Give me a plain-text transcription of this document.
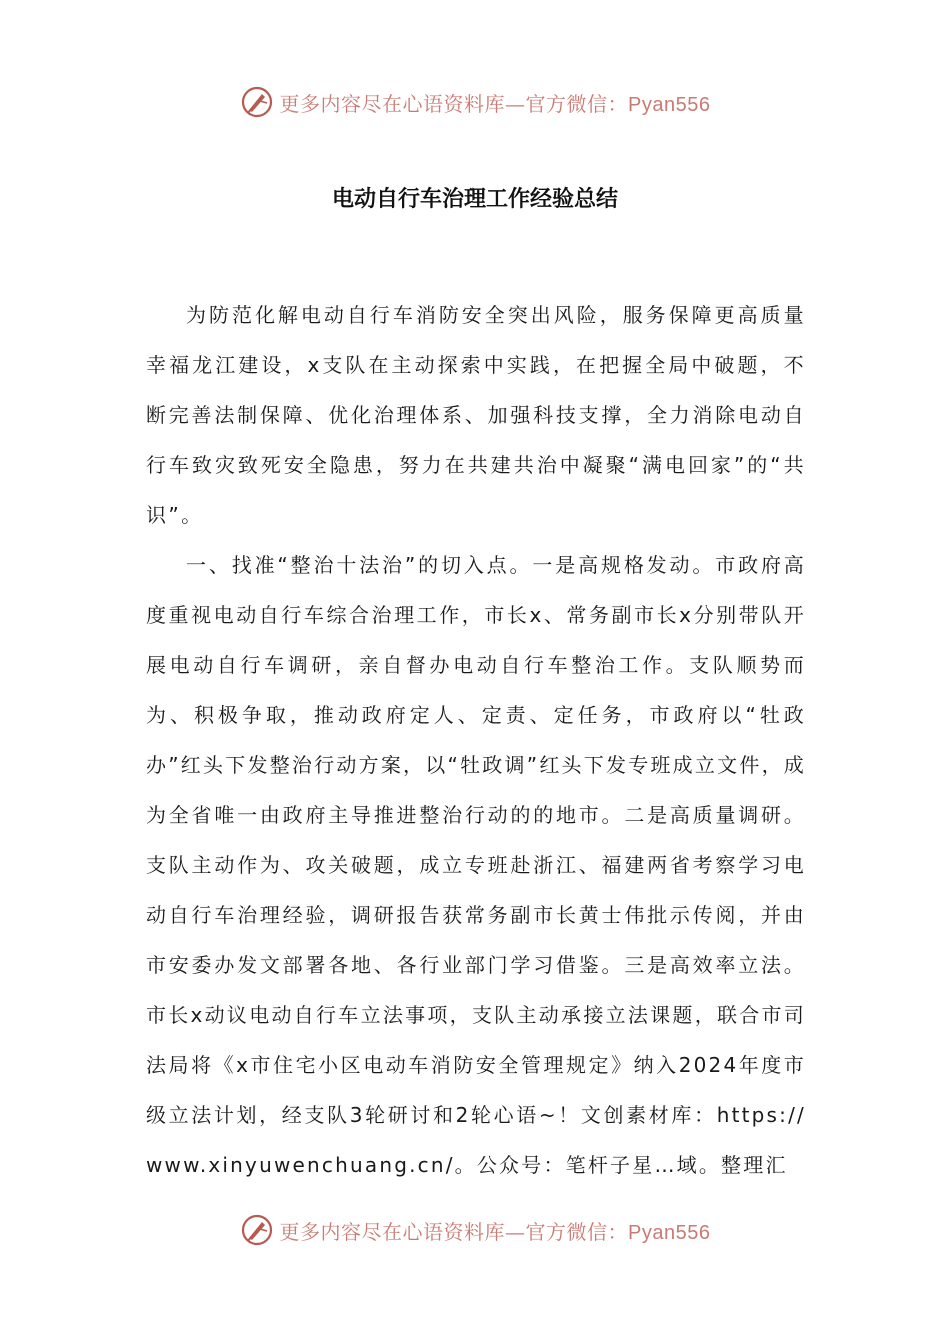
更多内容尽在心语资料库—官方微信：Pyan556
电动自行车治理工作经验总结

为防范化解电动自行车消防安全突出风险，服务保障更高质量幸福龙江建设，x支队在主动探索中实践，在把握全局中破题，不断完善法制保障、优化治理体系、加强科技支撑，全力消除电动自行车致灾致死安全隐患，努力在共建共治中凝聚“满电回家”的“共识”。

一、找准“整治十法治”的切入点。一是高规格发动。市政府高度重视电动自行车综合治理工作，市长x、常务副市长x分别带队开展电动自行车调研，亲自督办电动自行车整治工作。支队顺势而为、积极争取，推动政府定人、定责、定任务，市政府以“牡政办”红头下发整治行动方案，以“牡政调”红头下发专班成立文件，成为全省唯一由政府主导推进整治行动的的地市。二是高质量调研。支队主动作为、攻关破题，成立专班赴浙江、福建两省考察学习电动自行车治理经验，调研报告获常务副市长黄士伟批示传阅，并由市安委办发文部署各地、各行业部门学习借鉴。三是高效率立法。市长x动议电动自行车立法事项，支队主动承接立法课题，联合市司法局将《x市住宅小区电动车消防安全管理规定》纳入2024年度市级立法计划，经支队3轮研讨和2轮心语~！文创素材库：https://www.xinyuwenchuang.cn/。公众号：笔杆子星…域。整理汇

更多内容尽在心语资料库—官方微信：Pyan556
